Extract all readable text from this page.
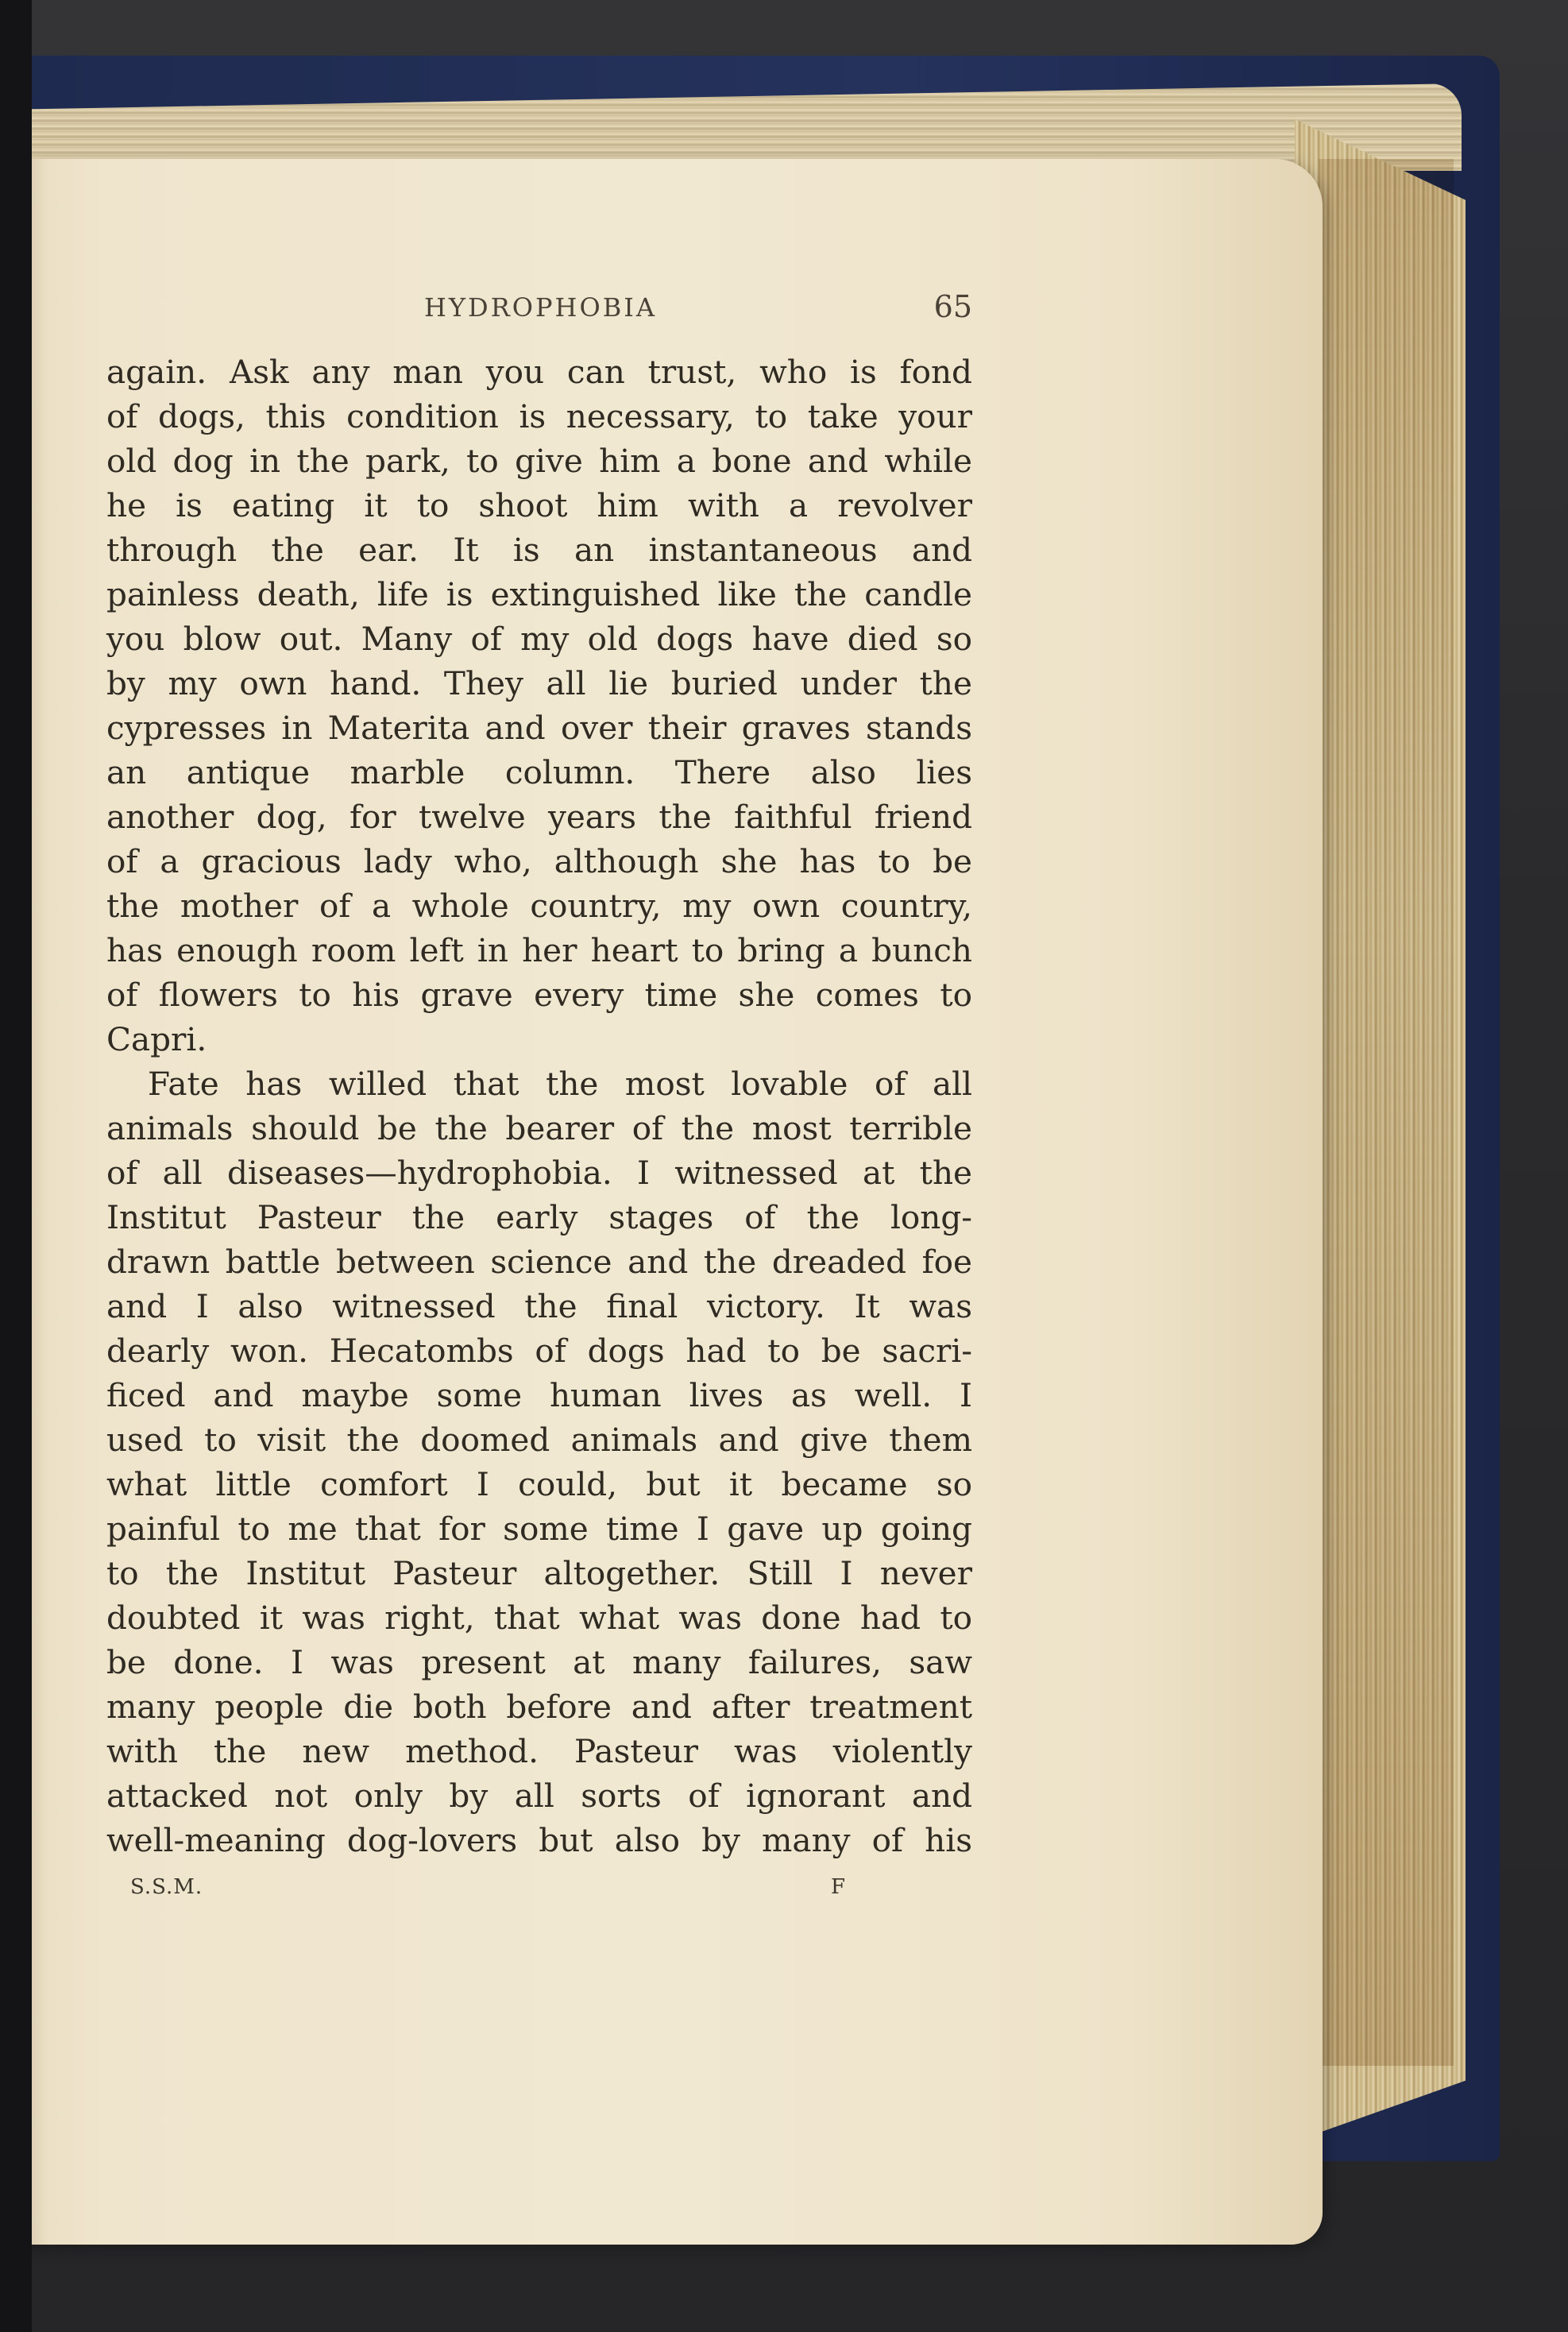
HYDROPHOBIA	65
again. Ask any man you can trust, who is fond
of dogs, this condition is necessary, to take your
old dog in the park, to give him a bone and while
he is eating it to shoot him with a revolver
through the ear. It is an instantaneous and
painless death, life is extinguished like the candle
you blow out. Many of my old dogs have died so
by my own hand. They all lie buried under the
cypresses in Materita and over their graves stands
an antique marble column. There also lies
another dog, for twelve years the faithful friend
of a gracious lady who, although she has to be
the mother of a whole country, my own country,
has enough room left in her heart to bring a bunch
of flowers to his grave every time she comes to
Capri.
Fate has willed that the most lovable of all
animals should be the bearer of the most terrible
of all diseases—hydrophobia. I witnessed at the
Institut Pasteur the early stages of the long-
drawn battle between science and the dreaded foe
and I also witnessed the final victory. It was
dearly won. Hecatombs of dogs had to be sacri-
ficed and maybe some human lives as well. I
used to visit the doomed animals and give them
what little comfort I could, but it became so
painful to me that for some time I gave up going
to the Institut Pasteur altogether. Still I never
doubted it was right, that what was done had to
be done. I was present at many failures, saw
many people die both before and after treatment
with the new method. Pasteur was violently
attacked not only by all sorts of ignorant and
well-meaning dog-lovers but also by many of his
S.S.M.	F
